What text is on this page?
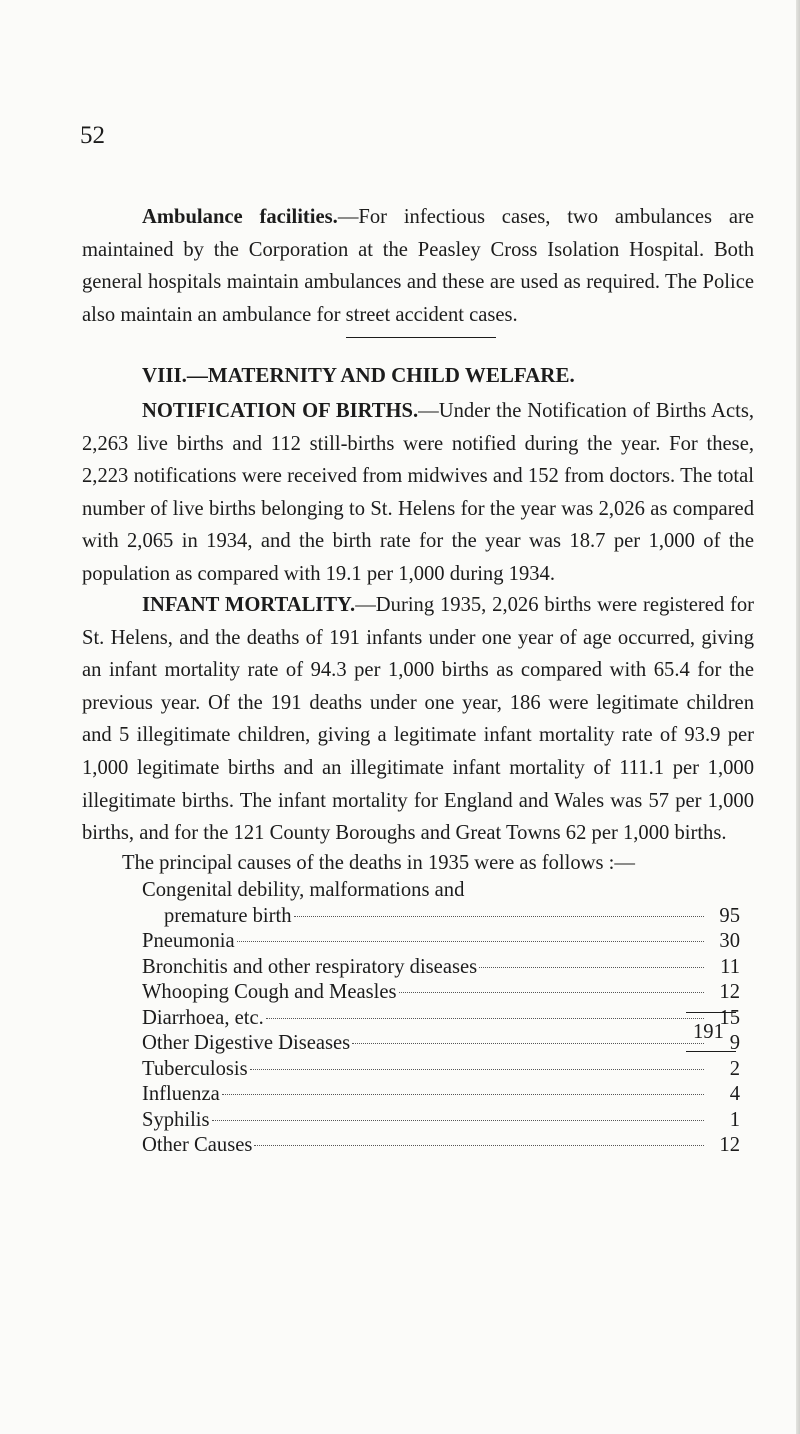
52

Ambulance facilities.—For infectious cases, two ambulances are maintained by the Corporation at the Peasley Cross Isolation Hospital. Both general hospitals maintain ambulances and these are used as required. The Police also maintain an ambulance for street accident cases.

VIII.—MATERNITY AND CHILD WELFARE.

NOTIFICATION OF BIRTHS.—Under the Notification of Births Acts, 2,263 live births and 112 still-births were notified during the year. For these, 2,223 notifications were received from midwives and 152 from doctors. The total number of live births belonging to St. Helens for the year was 2,026 as compared with 2,065 in 1934, and the birth rate for the year was 18.7 per 1,000 of the population as compared with 19.1 per 1,000 during 1934.

INFANT MORTALITY.—During 1935, 2,026 births were registered for St. Helens, and the deaths of 191 infants under one year of age occurred, giving an infant mortality rate of 94.3 per 1,000 births as compared with 65.4 for the previous year. Of the 191 deaths under one year, 186 were legitimate children and 5 illegitimate children, giving a legitimate infant mortality rate of 93.9 per 1,000 legitimate births and an illegitimate infant mortality of 111.1 per 1,000 illegitimate births. The infant mortality for England and Wales was 57 per 1,000 births, and for the 121 County Boroughs and Great Towns 62 per 1,000 births.

The principal causes of the deaths in 1935 were as follows :—
Congenital debility, malformations and
premature birth	95
Pneumonia	30
Bronchitis and other respiratory diseases	11
Whooping Cough and Measles	12
Diarrhoea, etc.	15
Other Digestive Diseases	9
Tuberculosis	2
Influenza	4
Syphilis	1
Other Causes	12
191
